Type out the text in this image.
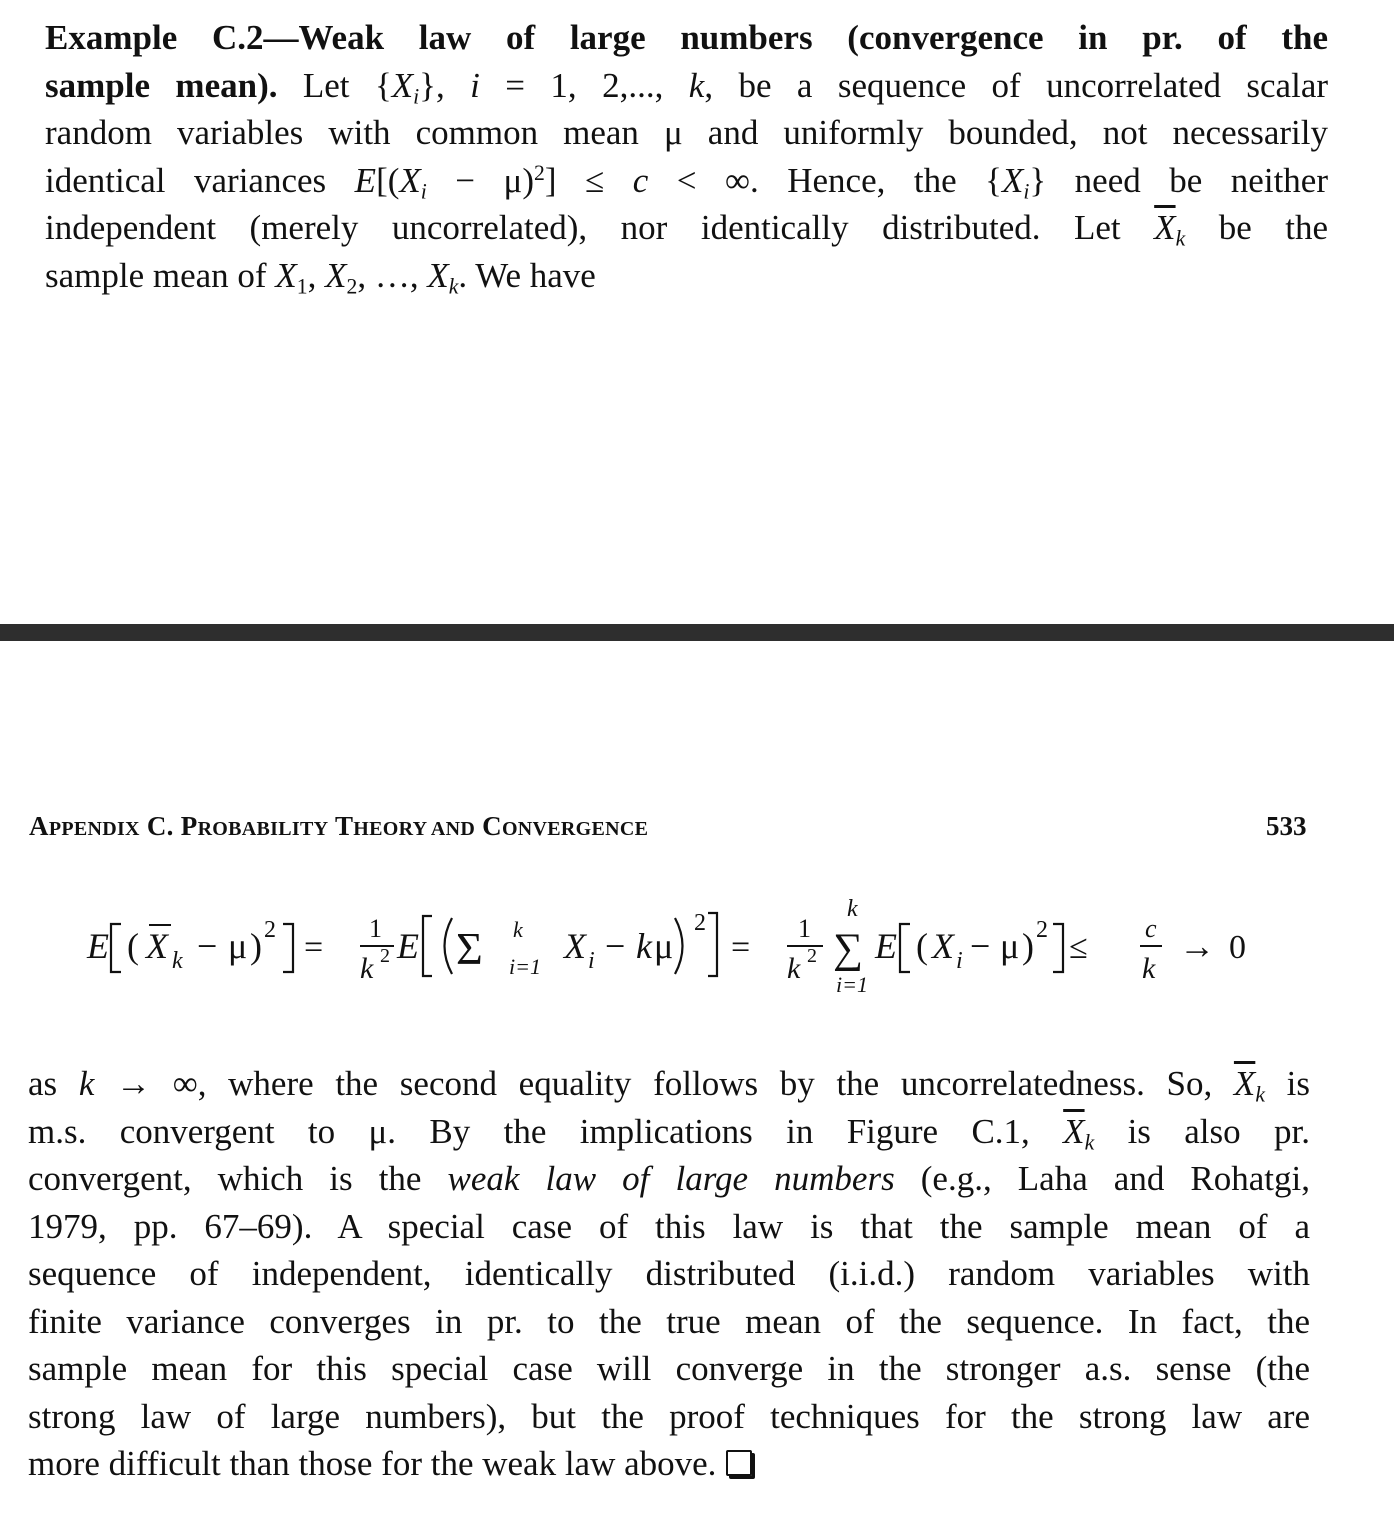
Example C.2—Weak law of large numbers (convergence in pr. of the
sample mean). Let $\{X_i\}$, i = 1, 2,..., k, be a sequence of uncorrelated scalar
random variables with common mean μ and uniformly bounded, not necessarily
identical variances $E[(X_i - \mu)^2] \le c$ < ∞. Hence, the $\{X_i\}$ need be neither
independent (merely uncorrelated), nor identically distributed. Let $\overline{X}_k$ be the
sample mean of $X_1$, $X_2$, …, $X_k$. We have
APPENDIX C. PROBABILITY THEORY AND CONVERGENCE	533
E ( X k − μ ) 2 =
1
k 2 E Σ k
i=1
X i − k μ
2
=
1
k 2
k
∑
i=1
E ( X i − μ ) 2 ≤
c
k
→ 0
as k → ∞, where the second equality follows by the uncorrelatedness. So, $\overline{X}_k$ is
m.s. convergent to μ. By the implications in Figure C.1, $\overline{X}_k$ is also pr.
convergent, which is the weak law of large numbers (e.g., Laha and Rohatgi,
1979, pp. 67–69). A special case of this law is that the sample mean of a
sequence of independent, identically distributed (i.i.d.) random variables with
finite variance converges in pr. to the true mean of the sequence. In fact, the
sample mean for this special case will converge in the stronger a.s. sense (the
strong law of large numbers), but the proof techniques for the strong law are
more difficult than those for the weak law above.
